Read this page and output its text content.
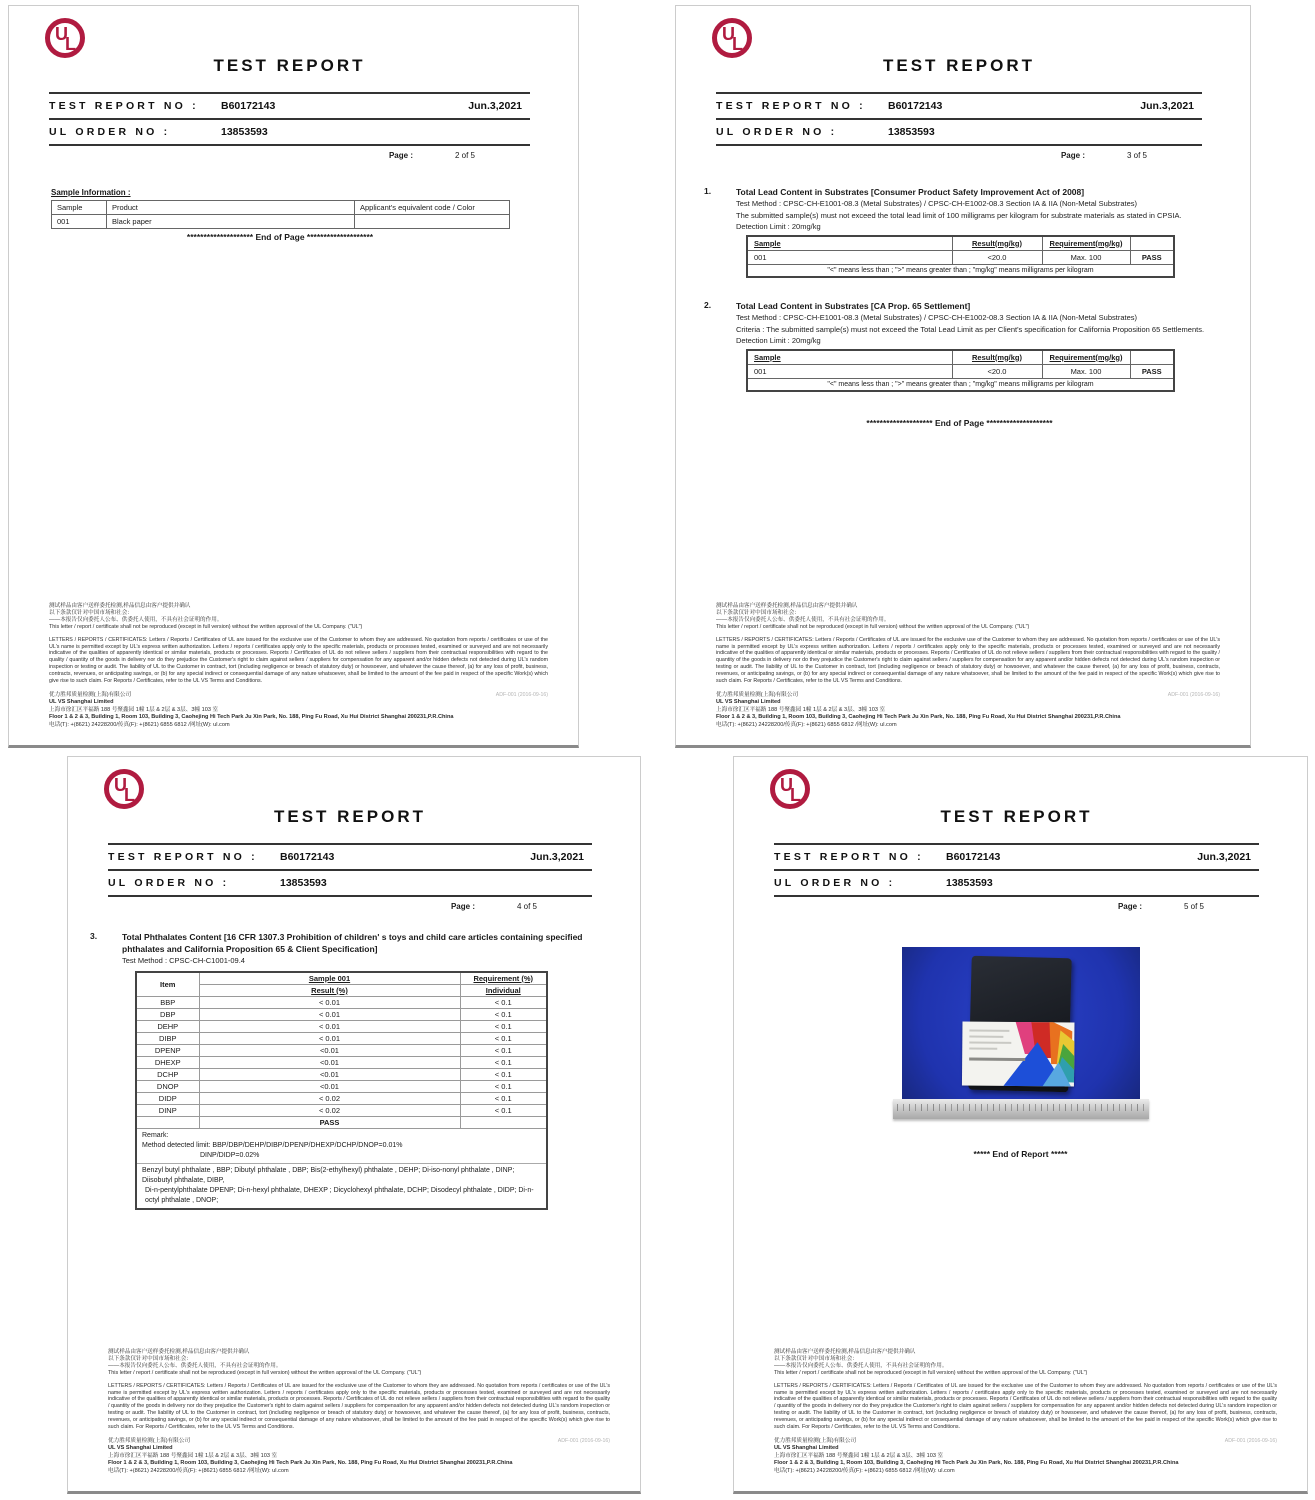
U
L
TEST REPORT
TEST REPORT NO :	B60172143	Jun.3,2021
UL ORDER NO :	13853593
Page :	2 of 5
Sample Information :
Sample	Product	Applicant's equivalent code / Color
001	Black paper	
******************** End of Page ********************
测试样品由客户送样委托检测,样品信息由客户提供并确认
以下条款仅针对中国市场和社会：
——本报告仅向委托人公布、供委托人使用，不具有社会证明的作用。
This letter / report / certificate shall not be reproduced (except in full version) without the written approval of the UL Company. ("UL")
LETTERS / REPORTS / CERTIFICATES: Letters / Reports / Certificates of UL are issued for the exclusive use of the Customer to whom they are addressed. No quotation from reports / certificates or use of the UL's name is permitted except by UL's express written authorization. Letters / reports / certificates apply only to the specific materials, products or processes tested, examined or surveyed and are not necessarily indicative of the qualities of apparently identical or similar materials, products or processes. Reports / Certificates of UL do not relieve sellers / suppliers from their contractual responsibilities with regard to the quality / quantity of the goods in delivery nor do they prejudice the Customer's right to claim against sellers / suppliers for compensation for any apparent and/or hidden defects not detected during UL's random inspection or testing or audit. The liability of UL to the Customer in contract, tort (including negligence or breach of statutory duty) or howsoever, and whatever the cause thereof, (a) for any loss of profit, business, contracts, revenues, or anticipating savings, or (b) for any special indirect or consequential damage of any nature whatsoever, shall be limited to the amount of the fee paid in respect of the specific Work(s) which give rise to such claim. For Reports / Certificates, refer to the UL VS Terms and Conditions.
ADF-001 (2016-09-16)
优力胜邦质量检测(上海)有限公司
UL VS Shanghai Limited
上海市徐汇区平福路 188 号聚鑫园 1幢 1层 & 2层 & 3层、3幢 103 室
Floor 1 & 2 & 3, Building 1, Room 103, Building 3, Caohejing Hi Tech Park Ju Xin Park, No. 188, Ping Fu Road, Xu Hui District Shanghai 200231,P.R.China
电话(T): +(8621) 24228200/传真(F): +(8621) 6855 6812 /网址(W): ul.com
U
L
TEST REPORT
TEST REPORT NO :	B60172143	Jun.3,2021
UL ORDER NO :	13853593
Page :	3 of 5
1.	Total Lead Content in Substrates [Consumer Product Safety Improvement Act of 2008]
Test Method : CPSC-CH-E1001-08.3 (Metal Substrates) / CPSC-CH-E1002-08.3 Section IA & IIA (Non-Metal Substrates)
The submitted sample(s) must not exceed the total lead limit of 100 milligrams per kilogram for substrate materials as stated in CPSIA.
Detection Limit : 20mg/kg
Sample	Result(mg/kg)	Requirement(mg/kg)	
001	<20.0	Max. 100	PASS
"<" means less than ; ">" means greater than ; "mg/kg" means milligrams per kilogram			
2.	Total Lead Content in Substrates [CA Prop. 65 Settlement]
Test Method : CPSC-CH-E1001-08.3 (Metal Substrates) / CPSC-CH-E1002-08.3 Section IA & IIA (Non-Metal Substrates)
Criteria : The submitted sample(s) must not exceed the Total Lead Limit as per Client's specification for California Proposition 65 Settlements.
Detection Limit : 20mg/kg
Sample	Result(mg/kg)	Requirement(mg/kg)	
001	<20.0	Max. 100	PASS
"<" means less than ; ">" means greater than ; "mg/kg" means milligrams per kilogram			
******************** End of Page ********************
测试样品由客户送样委托检测,样品信息由客户提供并确认
以下条款仅针对中国市场和社会：
——本报告仅向委托人公布、供委托人使用，不具有社会证明的作用。
This letter / report / certificate shall not be reproduced (except in full version) without the written approval of the UL Company. ("UL")
LETTERS / REPORTS / CERTIFICATES: Letters / Reports / Certificates of UL are issued for the exclusive use of the Customer to whom they are addressed. No quotation from reports / certificates or use of the UL's name is permitted except by UL's express written authorization. Letters / reports / certificates apply only to the specific materials, products or processes tested, examined or surveyed and are not necessarily indicative of the qualities of apparently identical or similar materials, products or processes. Reports / Certificates of UL do not relieve sellers / suppliers from their contractual responsibilities with regard to the quality / quantity of the goods in delivery nor do they prejudice the Customer's right to claim against sellers / suppliers for compensation for any apparent and/or hidden defects not detected during UL's random inspection or testing or audit. The liability of UL to the Customer in contract, tort (including negligence or breach of statutory duty) or howsoever, and whatever the cause thereof, (a) for any loss of profit, business, contracts, revenues, or anticipating savings, or (b) for any special indirect or consequential damage of any nature whatsoever, shall be limited to the amount of the fee paid in respect of the specific Work(s) which give rise to such claim. For Reports / Certificates, refer to the UL VS Terms and Conditions.
ADF-001 (2016-09-16)
优力胜邦质量检测(上海)有限公司
UL VS Shanghai Limited
上海市徐汇区平福路 188 号聚鑫园 1幢 1层 & 2层 & 3层、3幢 103 室
Floor 1 & 2 & 3, Building 1, Room 103, Building 3, Caohejing Hi Tech Park Ju Xin Park, No. 188, Ping Fu Road, Xu Hui District Shanghai 200231,P.R.China
电话(T): +(8621) 24228200/传真(F): +(8621) 6855 6812 /网址(W): ul.com
U
L
TEST REPORT
TEST REPORT NO :	B60172143	Jun.3,2021
UL ORDER NO :	13853593
Page :	4 of 5
3.	Total Phthalates Content [16 CFR 1307.3 Prohibition of children' s toys and child care articles containing specified
phthalates and California Proposition 65 & Client Specification]
Test Method : CPSC-CH-C1001-09.4
Item	Sample 001	Requirement (%)
	Result (%)	Individual
BBP	< 0.01	< 0.1
DBP	< 0.01	< 0.1
DEHP	< 0.01	< 0.1
DIBP	< 0.01	< 0.1
DPENP	<0.01	< 0.1
DHEXP	<0.01	< 0.1
DCHP	<0.01	< 0.1
DNOP	<0.01	< 0.1
DIDP	< 0.02	< 0.1
DINP	< 0.02	< 0.1
	PASS	

Remark:
Method detected limit: BBP/DBP/DEHP/DIBP/DPENP/DHEXP/DCHP/DNOP=0.01%
DINP/DIDP=0.02%
Benzyl butyl phthalate , BBP; Dibutyl phthalate , DBP; Bis(2-ethylhexyl) phthalate , DEHP; Di-iso-nonyl phthalate , DINP; Diisobutyl phthalate, DIBP,
Di-n-pentylphthalate DPENP; Di-n-hexyl phthalate, DHEXP ; Dicyclohexyl phthalate, DCHP; Disodecyl phthalate , DIDP; Di-n-octyl phthalate , DNOP;		
测试样品由客户送样委托检测,样品信息由客户提供并确认
以下条款仅针对中国市场和社会：
——本报告仅向委托人公布、供委托人使用，不具有社会证明的作用。
This letter / report / certificate shall not be reproduced (except in full version) without the written approval of the UL Company. ("UL")
LETTERS / REPORTS / CERTIFICATES: Letters / Reports / Certificates of UL are issued for the exclusive use of the Customer to whom they are addressed. No quotation from reports / certificates or use of the UL's name is permitted except by UL's express written authorization. Letters / reports / certificates apply only to the specific materials, products or processes tested, examined or surveyed and are not necessarily indicative of the qualities of apparently identical or similar materials, products or processes. Reports / Certificates of UL do not relieve sellers / suppliers from their contractual responsibilities with regard to the quality / quantity of the goods in delivery nor do they prejudice the Customer's right to claim against sellers / suppliers for compensation for any apparent and/or hidden defects not detected during UL's random inspection or testing or audit. The liability of UL to the Customer in contract, tort (including negligence or breach of statutory duty) or howsoever, and whatever the cause thereof, (a) for any loss of profit, business, contracts, revenues, or anticipating savings, or (b) for any special indirect or consequential damage of any nature whatsoever, shall be limited to the amount of the fee paid in respect of the specific Work(s) which give rise to such claim. For Reports / Certificates, refer to the UL VS Terms and Conditions.
ADF-001 (2016-09-16)
优力胜邦质量检测(上海)有限公司
UL VS Shanghai Limited
上海市徐汇区平福路 188 号聚鑫园 1幢 1层 & 2层 & 3层、3幢 103 室
Floor 1 & 2 & 3, Building 1, Room 103, Building 3, Caohejing Hi Tech Park Ju Xin Park, No. 188, Ping Fu Road, Xu Hui District Shanghai 200231,P.R.China
电话(T): +(8621) 24228200/传真(F): +(8621) 6855 6812 /网址(W): ul.com
U
L
TEST REPORT
TEST REPORT NO :	B60172143	Jun.3,2021
UL ORDER NO :	13853593
Page :	5 of 5
***** End of Report *****
测试样品由客户送样委托检测,样品信息由客户提供并确认
以下条款仅针对中国市场和社会：
——本报告仅向委托人公布、供委托人使用，不具有社会证明的作用。
This letter / report / certificate shall not be reproduced (except in full version) without the written approval of the UL Company. ("UL")
LETTERS / REPORTS / CERTIFICATES: Letters / Reports / Certificates of UL are issued for the exclusive use of the Customer to whom they are addressed. No quotation from reports / certificates or use of the UL's name is permitted except by UL's express written authorization. Letters / reports / certificates apply only to the specific materials, products or processes tested, examined or surveyed and are not necessarily indicative of the qualities of apparently identical or similar materials, products or processes. Reports / Certificates of UL do not relieve sellers / suppliers from their contractual responsibilities with regard to the quality / quantity of the goods in delivery nor do they prejudice the Customer's right to claim against sellers / suppliers for compensation for any apparent and/or hidden defects not detected during UL's random inspection or testing or audit. The liability of UL to the Customer in contract, tort (including negligence or breach of statutory duty) or howsoever, and whatever the cause thereof, (a) for any loss of profit, business, contracts, revenues, or anticipating savings, or (b) for any special indirect or consequential damage of any nature whatsoever, shall be limited to the amount of the fee paid in respect of the specific Work(s) which give rise to such claim. For Reports / Certificates, refer to the UL VS Terms and Conditions.
ADF-001 (2016-09-16)
优力胜邦质量检测(上海)有限公司
UL VS Shanghai Limited
上海市徐汇区平福路 188 号聚鑫园 1幢 1层 & 2层 & 3层、3幢 103 室
Floor 1 & 2 & 3, Building 1, Room 103, Building 3, Caohejing Hi Tech Park Ju Xin Park, No. 188, Ping Fu Road, Xu Hui District Shanghai 200231,P.R.China
电话(T): +(8621) 24228200/传真(F): +(8621) 6855 6812 /网址(W): ul.com
